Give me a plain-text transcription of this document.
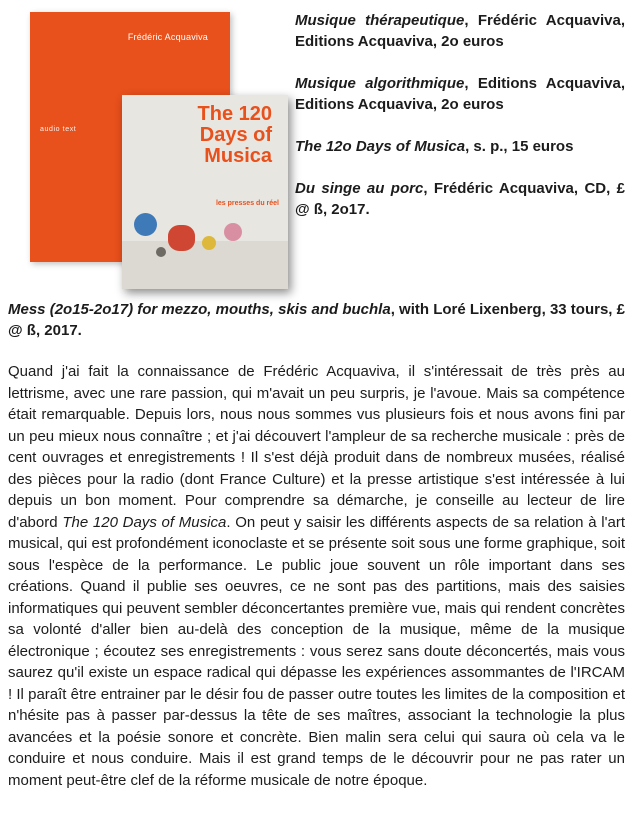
Frédéric Acquaviva
audio text
The 120
Days of
Musica
les presses du réel

Musique thérapeutique, Frédéric Acquaviva, Editions Acquaviva, 2o euros

Musique algorithmique, Editions Acquaviva, Editions Acquaviva, 2o euros

The 12o Days of Musica, s. p., 15 euros

Du singe au porc, Frédéric Acquaviva, CD, £ @ ß, 2o17.

Mess (2o15-2o17) for mezzo, mouths, skis and buchla, with Loré Lixenberg, 33 tours, £ @ ß, 2017.

Quand j'ai fait la connaissance de Frédéric Acquaviva, il s'intéressait de très près au lettrisme, avec une rare passion, qui m'avait un peu surpris, je l'avoue. Mais sa compétence était remarquable. Depuis lors, nous nous sommes vus plusieurs fois et nous avons fini par un peu mieux nous connaître ; et j'ai découvert l'ampleur de sa recherche musicale : près de cent ouvrages et enregistrements ! Il s'est déjà produit dans de nombreux musées, réalisé des pièces pour la radio (dont France Culture) et la presse artistique s'est intéressée à lui depuis un bon moment. Pour comprendre sa démarche, je conseille au lecteur de lire d'abord The 120 Days of Musica. On peut y saisir les différents aspects de sa relation à l'art musical, qui est profondément iconoclaste et se présente soit sous une forme graphique, soit sous l'espèce de la performance. Le public joue souvent un rôle important dans ses créations. Quand il publie ses oeuvres, ce ne sont pas des partitions, mais des saisies informatiques qui peuvent sembler déconcertantes première vue, mais qui rendent concrètes sa volonté d'aller bien au-delà des conception de la musique, même de la musique électronique ; écoutez ses enregistrements : vous serez sans doute déconcertés, mais vous saurez qu'il existe un espace radical qui dépasse les expériences assommantes de l'IRCAM ! Il paraît être entrainer par le désir fou de passer outre toutes les limites de la composition et n'hésite pas à passer par-dessus la tête de ses maîtres, associant la technologie la plus avancées et la poésie sonore et concrète. Bien malin sera celui qui saura où cela va le conduire et nous conduire. Mais il est grand temps de le découvrir pour ne pas rater un moment peut-être clef de la réforme musicale de notre époque.
